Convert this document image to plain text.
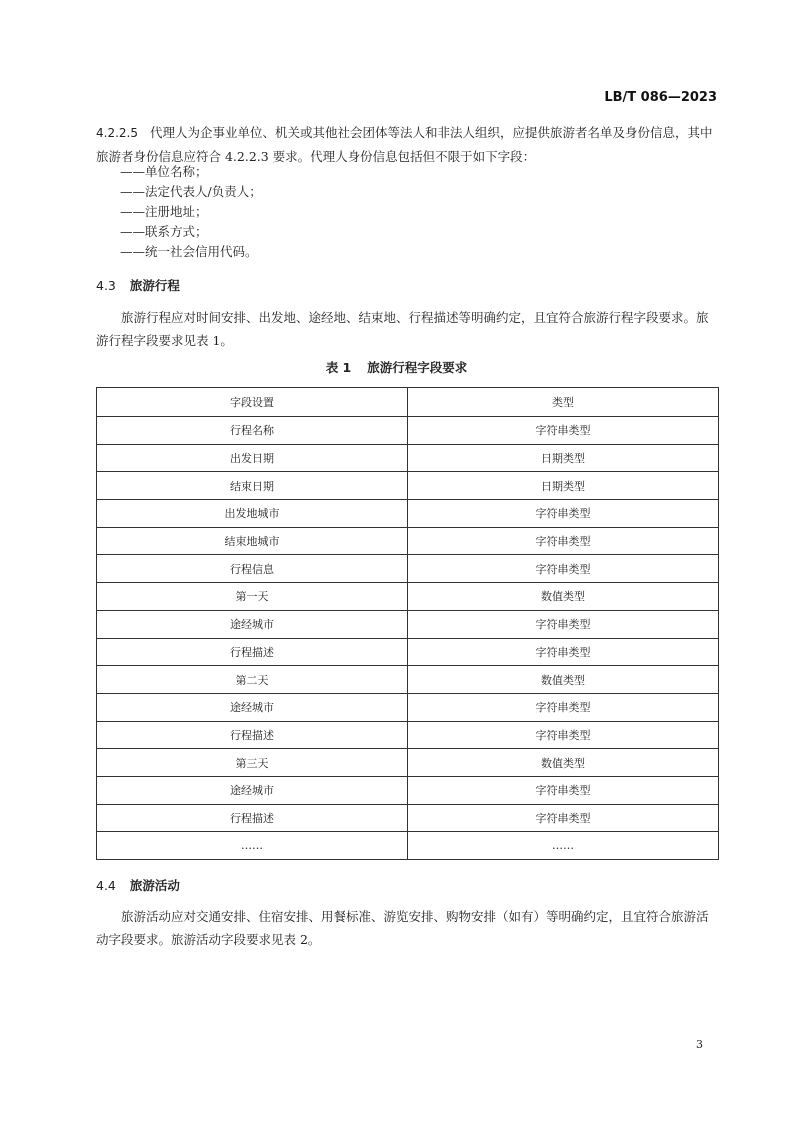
LB/T 086—2023

4.2.2.5 代理人为企事业单位、机关或其他社会团体等法人和非法人组织，应提供旅游者名单及身份信息，其中旅游者身份信息应符合 4.2.2.3 要求。代理人身份信息包括但不限于如下字段：

——单位名称；
——法定代表人/负责人；
——注册地址；
——联系方式；
——统一社会信用代码。
4.3 旅游行程

旅游行程应对时间安排、出发地、途经地、结束地、行程描述等明确约定，且宜符合旅游行程字段要求。旅游行程字段要求见表 1。

表 1 旅游行程字段要求
字段设置	类型
行程名称	字符串类型
出发日期	日期类型
结束日期	日期类型
出发地城市	字符串类型
结束地城市	字符串类型
行程信息	字符串类型
第一天	数值类型
途经城市	字符串类型
行程描述	字符串类型
第二天	数值类型
途经城市	字符串类型
行程描述	字符串类型
第三天	数值类型
途经城市	字符串类型
行程描述	字符串类型
……	……
4.4 旅游活动

旅游活动应对交通安排、住宿安排、用餐标准、游览安排、购物安排（如有）等明确约定，且宜符合旅游活动字段要求。旅游活动字段要求见表 2。

3
